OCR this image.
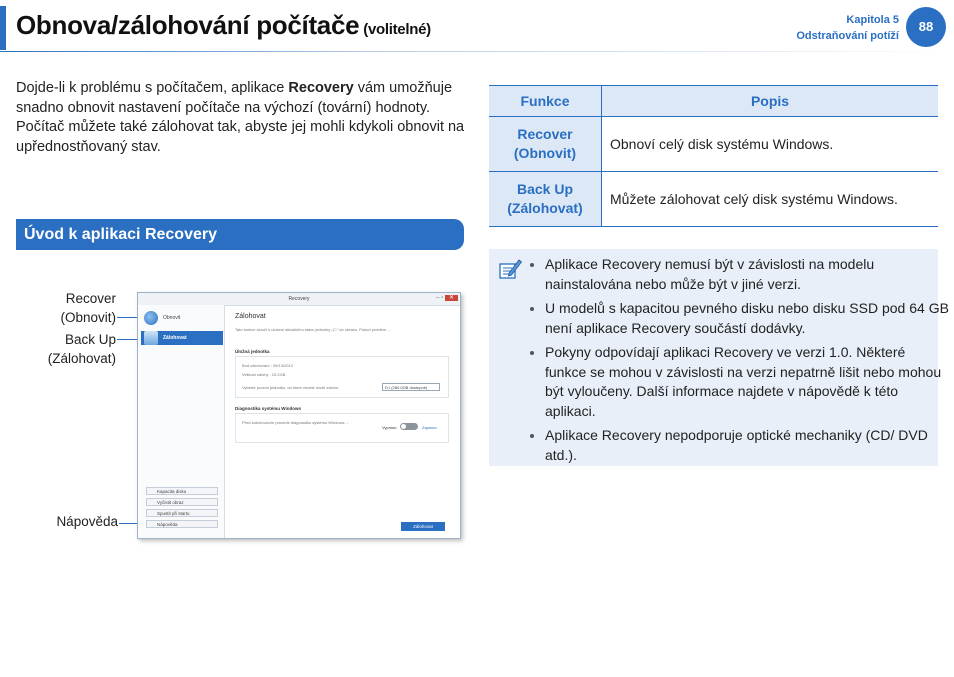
Obnova/zálohování počítače (volitelné)
Kapitola 5
Odstraňování potíží
88
Dojde-li k problému s počítačem, aplikace Recovery vám umožňuje snadno obnovit nastavení počítače na výchozí (tovární) hodnoty. Počítač můžete také zálohovat tak, abyste jej mohli kdykoli obnovit na upřednostňovaný stav.
Úvod k aplikaci Recovery
Recover
(Obnovit)
Back Up
(Zálohovat)
Nápověda
Recovery	– ▫ ✕
Obnovit
Zálohovat
Kapacita disku
Vyčistit obraz
Spustit při startu
Nápověda
Zálohovat
Tato funkce slouží k uložení aktuálního stavu jednotky „C:“ do obrazu. Pokud problém ...
Úložná jednotka
Bod zálohování : 09/13/2012
Velikost zálohy : 15.2GB
Vyberte prosím jednotku, do které chcete uložit zálohu.	D:\ (280.0GB dostupné)
Diagnostika systému Windows
Před zálohováním provede diagnostiku systému Windows ...
Vypnuto	Zapnuto
Zálohovat
Funkce	Popis

Recover
(Obnovit)	Obnoví celý disk systému Windows.

Back Up
(Zálohovat)	Můžete zálohovat celý disk systému Windows.
• Aplikace Recovery nemusí být v závislosti na modelu nainstalována nebo může být v jiné verzi.
• U modelů s kapacitou pevného disku nebo disku SSD pod 64 GB není aplikace Recovery součástí dodávky.
• Pokyny odpovídají aplikaci Recovery ve verzi 1.0. Některé funkce se mohou v závislosti na verzi nepatrně lišit nebo mohou být vyloučeny. Další informace najdete v nápovědě k této aplikaci.
• Aplikace Recovery nepodporuje optické mechaniky (CD/ DVD atd.).
